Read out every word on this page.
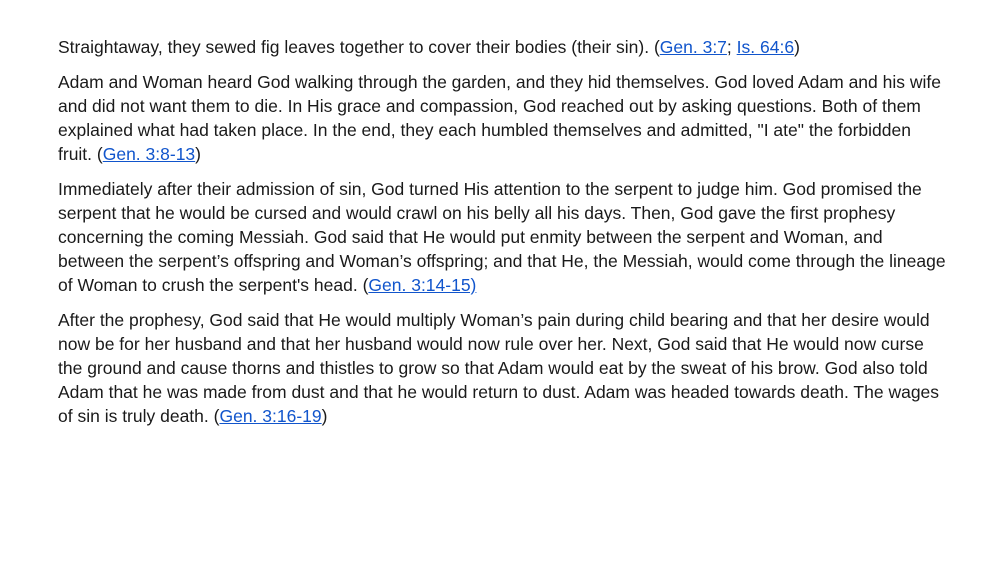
Straightaway, they sewed fig leaves together to cover their bodies (their sin). (Gen. 3:7; Is. 64:6)

Adam and Woman heard God walking through the garden, and they hid themselves. God loved Adam and his wife and did not want them to die. In His grace and compassion, God reached out by asking questions. Both of them explained what had taken place. In the end, they each humbled themselves and admitted, "I ate" the forbidden fruit. (Gen. 3:8-13)

Immediately after their admission of sin, God turned His attention to the serpent to judge him. God promised the serpent that he would be cursed and would crawl on his belly all his days. Then, God gave the first prophesy concerning the coming Messiah. God said that He would put enmity between the serpent and Woman, and between the serpent’s offspring and Woman’s offspring; and that He, the Messiah, would come through the lineage of Woman to crush the serpent's head. (Gen. 3:14-15)

After the prophesy, God said that He would multiply Woman’s pain during child bearing and that her desire would now be for her husband and that her husband would now rule over her. Next, God said that He would now curse the ground and cause thorns and thistles to grow so that Adam would eat by the sweat of his brow. God also told Adam that he was made from dust and that he would return to dust. Adam was headed towards death. The wages of sin is truly death. (Gen. 3:16-19)
